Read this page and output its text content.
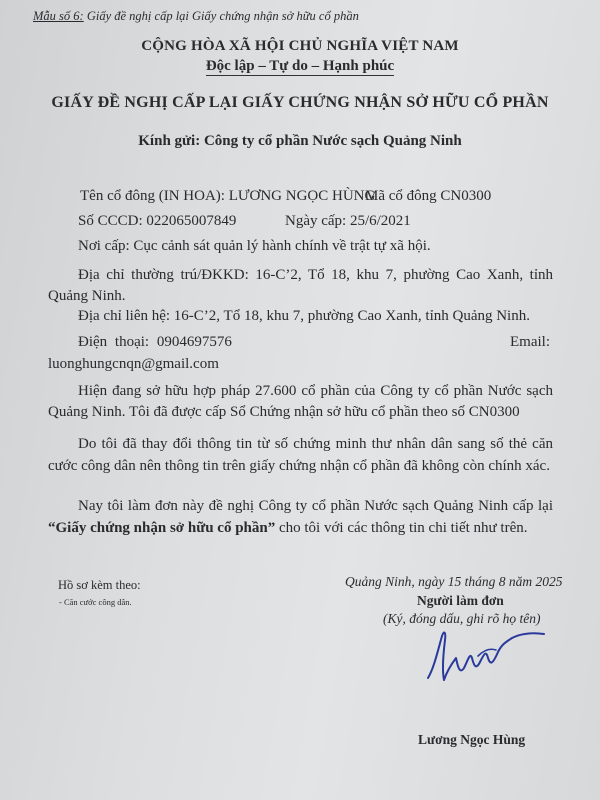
Mẫu số 6: Giấy đề nghị cấp lại Giấy chứng nhận sở hữu cổ phần
CỘNG HÒA XÃ HỘI CHỦ NGHĨA VIỆT NAM
Độc lập – Tự do – Hạnh phúc
GIẤY ĐỀ NGHỊ CẤP LẠI GIẤY CHỨNG NHẬN SỞ HỮU CỔ PHẦN
Kính gửi: Công ty cổ phần Nước sạch Quảng Ninh
Tên cổ đông (IN HOA): LƯƠNG NGỌC HÙNG
Mã cổ đông CN0300
Số CCCD: 022065007849	Ngày cấp: 25/6/2021
Nơi cấp: Cục cảnh sát quản lý hành chính về trật tự xã hội.
Địa chỉ thường trú/ĐKKD: 16-C’2, Tổ 18, khu 7, phường Cao Xanh, tỉnh Quảng Ninh.
Địa chỉ liên hệ: 16-C’2, Tổ 18, khu 7, phường Cao Xanh, tỉnh Quảng Ninh.
Điện thoại: 0904697576	Email:
luonghungcnqn@gmail.com
Hiện đang sở hữu hợp pháp 27.600 cổ phần của Công ty cổ phần Nước sạch Quảng Ninh. Tôi đã được cấp Sổ Chứng nhận sở hữu cổ phần theo số CN0300
Do tôi đã thay đổi thông tin từ số chứng minh thư nhân dân sang số thẻ căn cước công dân nên thông tin trên giấy chứng nhận cổ phần đã không còn chính xác.
Nay tôi làm đơn này đề nghị Công ty cổ phần Nước sạch Quảng Ninh cấp lại “Giấy chứng nhận sở hữu cổ phần” cho tôi với các thông tin chi tiết như trên.
Hồ sơ kèm theo:
- Căn cước công dân.
Quảng Ninh, ngày 15 tháng 8 năm 2025
Người làm đơn
(Ký, đóng dấu, ghi rõ họ tên)
Lương Ngọc Hùng
